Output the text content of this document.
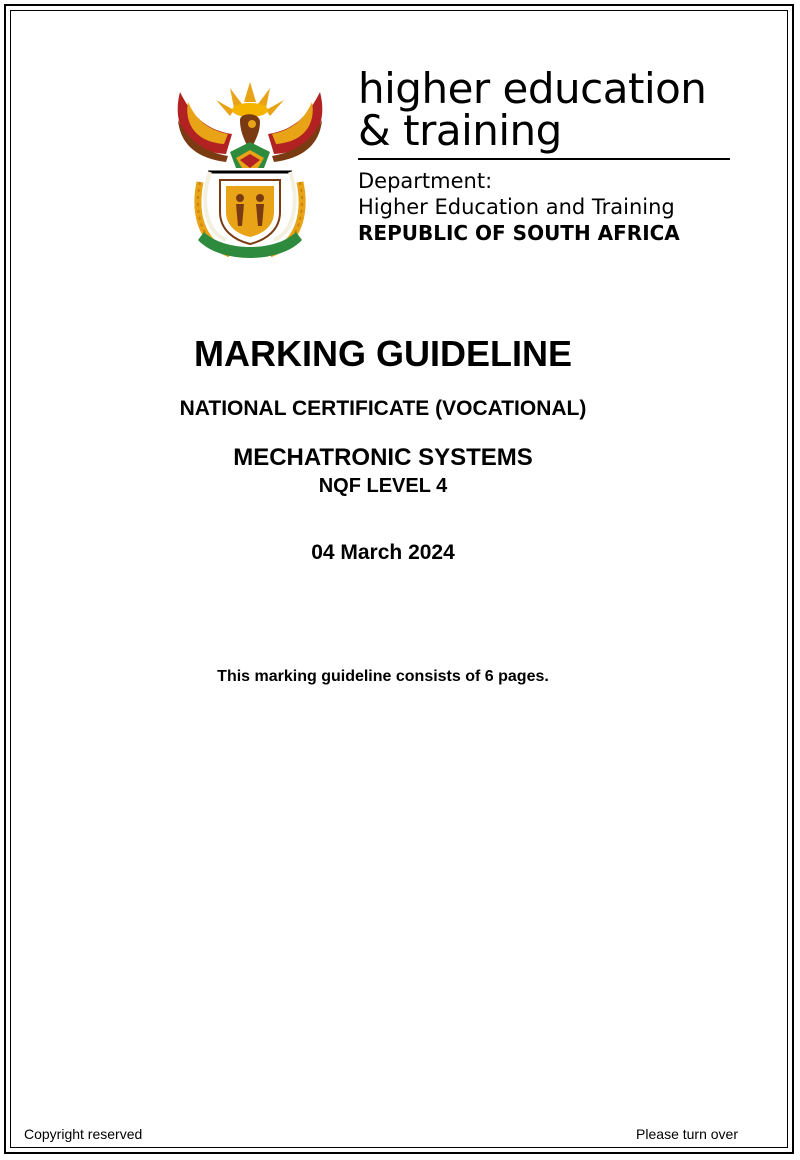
higher education
& training
Department:
Higher Education and Training
REPUBLIC OF SOUTH AFRICA
MARKING GUIDELINE
NATIONAL CERTIFICATE (VOCATIONAL)
MECHATRONIC SYSTEMS
NQF LEVEL 4
04 March 2024
This marking guideline consists of 6 pages.
Copyright reserved	Please turn over
